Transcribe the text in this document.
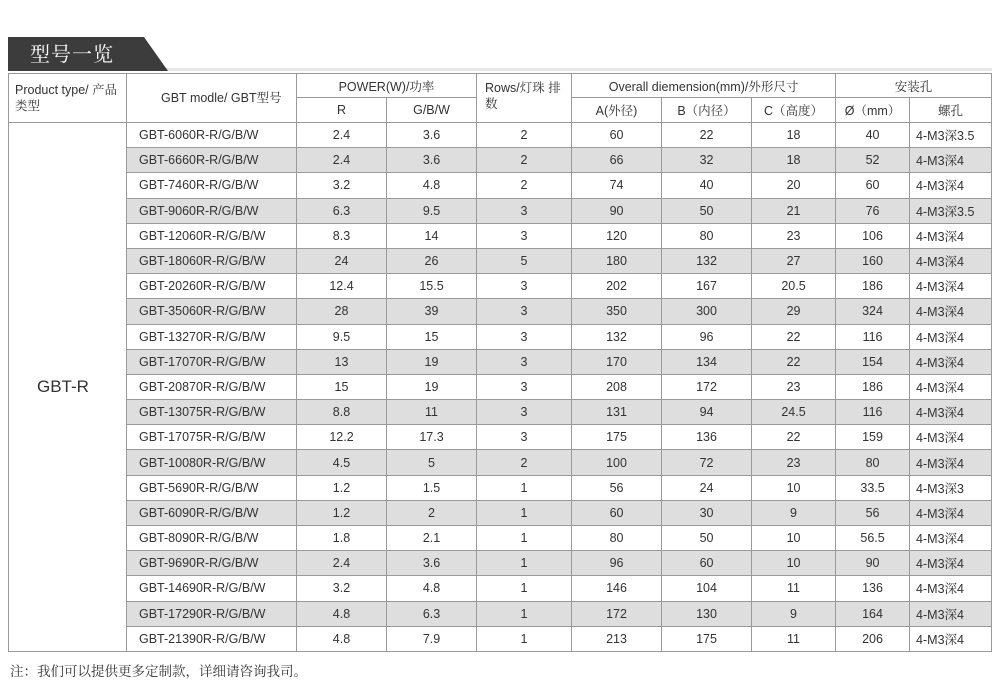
型号一览
Product type/ 产品类型	GBT modle/ GBT型号	POWER(W)/功率		Rows/灯珠 排数	Overall diemension(mm)/外形尺寸			安装孔	
		R	G/B/W		A(外径)	B（内径）	C（高度）	Ø（mm）	螺孔
GBT-R	GBT-6060R-R/G/B/W	2.4	3.6	2	60	22	18	40	4-M3深3.5
	GBT-6660R-R/G/B/W	2.4	3.6	2	66	32	18	52	4-M3深4
	GBT-7460R-R/G/B/W	3.2	4.8	2	74	40	20	60	4-M3深4
	GBT-9060R-R/G/B/W	6.3	9.5	3	90	50	21	76	4-M3深3.5
	GBT-12060R-R/G/B/W	8.3	14	3	120	80	23	106	4-M3深4
	GBT-18060R-R/G/B/W	24	26	5	180	132	27	160	4-M3深4
	GBT-20260R-R/G/B/W	12.4	15.5	3	202	167	20.5	186	4-M3深4
	GBT-35060R-R/G/B/W	28	39	3	350	300	29	324	4-M3深4
	GBT-13270R-R/G/B/W	9.5	15	3	132	96	22	116	4-M3深4
	GBT-17070R-R/G/B/W	13	19	3	170	134	22	154	4-M3深4
	GBT-20870R-R/G/B/W	15	19	3	208	172	23	186	4-M3深4
	GBT-13075R-R/G/B/W	8.8	11	3	131	94	24.5	116	4-M3深4
	GBT-17075R-R/G/B/W	12.2	17.3	3	175	136	22	159	4-M3深4
	GBT-10080R-R/G/B/W	4.5	5	2	100	72	23	80	4-M3深4
	GBT-5690R-R/G/B/W	1.2	1.5	1	56	24	10	33.5	4-M3深3
	GBT-6090R-R/G/B/W	1.2	2	1	60	30	9	56	4-M3深4
	GBT-8090R-R/G/B/W	1.8	2.1	1	80	50	10	56.5	4-M3深4
	GBT-9690R-R/G/B/W	2.4	3.6	1	96	60	10	90	4-M3深4
	GBT-14690R-R/G/B/W	3.2	4.8	1	146	104	11	136	4-M3深4
	GBT-17290R-R/G/B/W	4.8	6.3	1	172	130	9	164	4-M3深4
	GBT-21390R-R/G/B/W	4.8	7.9	1	213	175	11	206	4-M3深4
注：我们可以提供更多定制款，详细请咨询我司。
